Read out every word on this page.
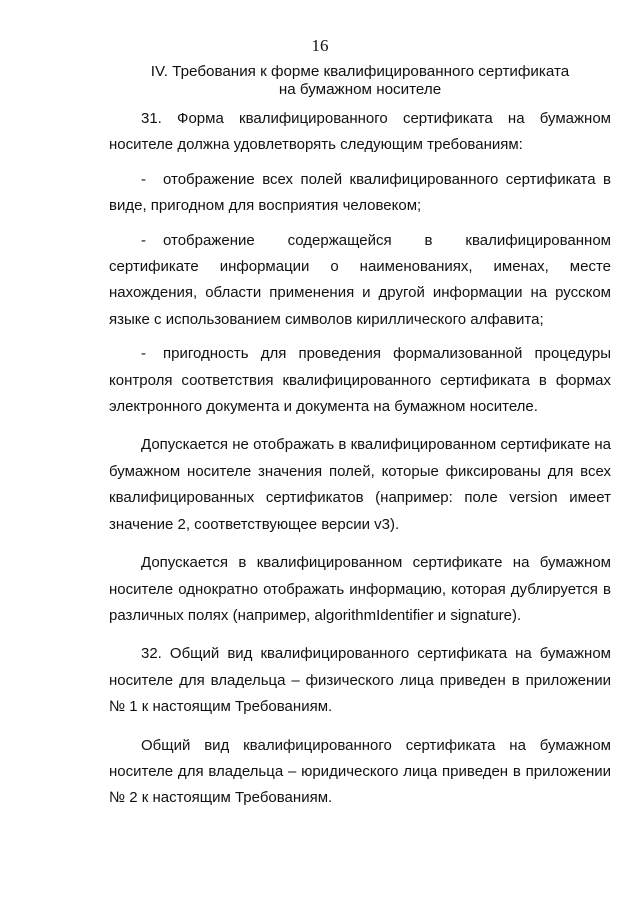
16
IV. Требования к форме квалифицированного сертификата
на бумажном носителе

31. Форма квалифицированного сертификата на бумажном носителе должна удовлетворять следующим требованиям:

- отображение всех полей квалифицированного сертификата в виде, пригодном для восприятия человеком;

- отображение содержащейся в квалифицированном сертификате информации о наименованиях, именах, месте нахождения, области применения и другой информации на русском языке с использованием символов кириллического алфавита;

- пригодность для проведения формализованной процедуры контроля соответствия квалифицированного сертификата в формах электронного документа и документа на бумажном носителе.

Допускается не отображать в квалифицированном сертификате на бумажном носителе значения полей, которые фиксированы для всех квалифицированных сертификатов (например: поле version имеет значение 2, соответствующее версии v3).

Допускается в квалифицированном сертификате на бумажном носителе однократно отображать информацию, которая дублируется в различных полях (например, algorithmIdentifier и signature).

32. Общий вид квалифицированного сертификата на бумажном носителе для владельца – физического лица приведен в приложении № 1 к настоящим Требованиям.

Общий вид квалифицированного сертификата на бумажном носителе для владельца – юридического лица приведен в приложении № 2 к настоящим Требованиям.
